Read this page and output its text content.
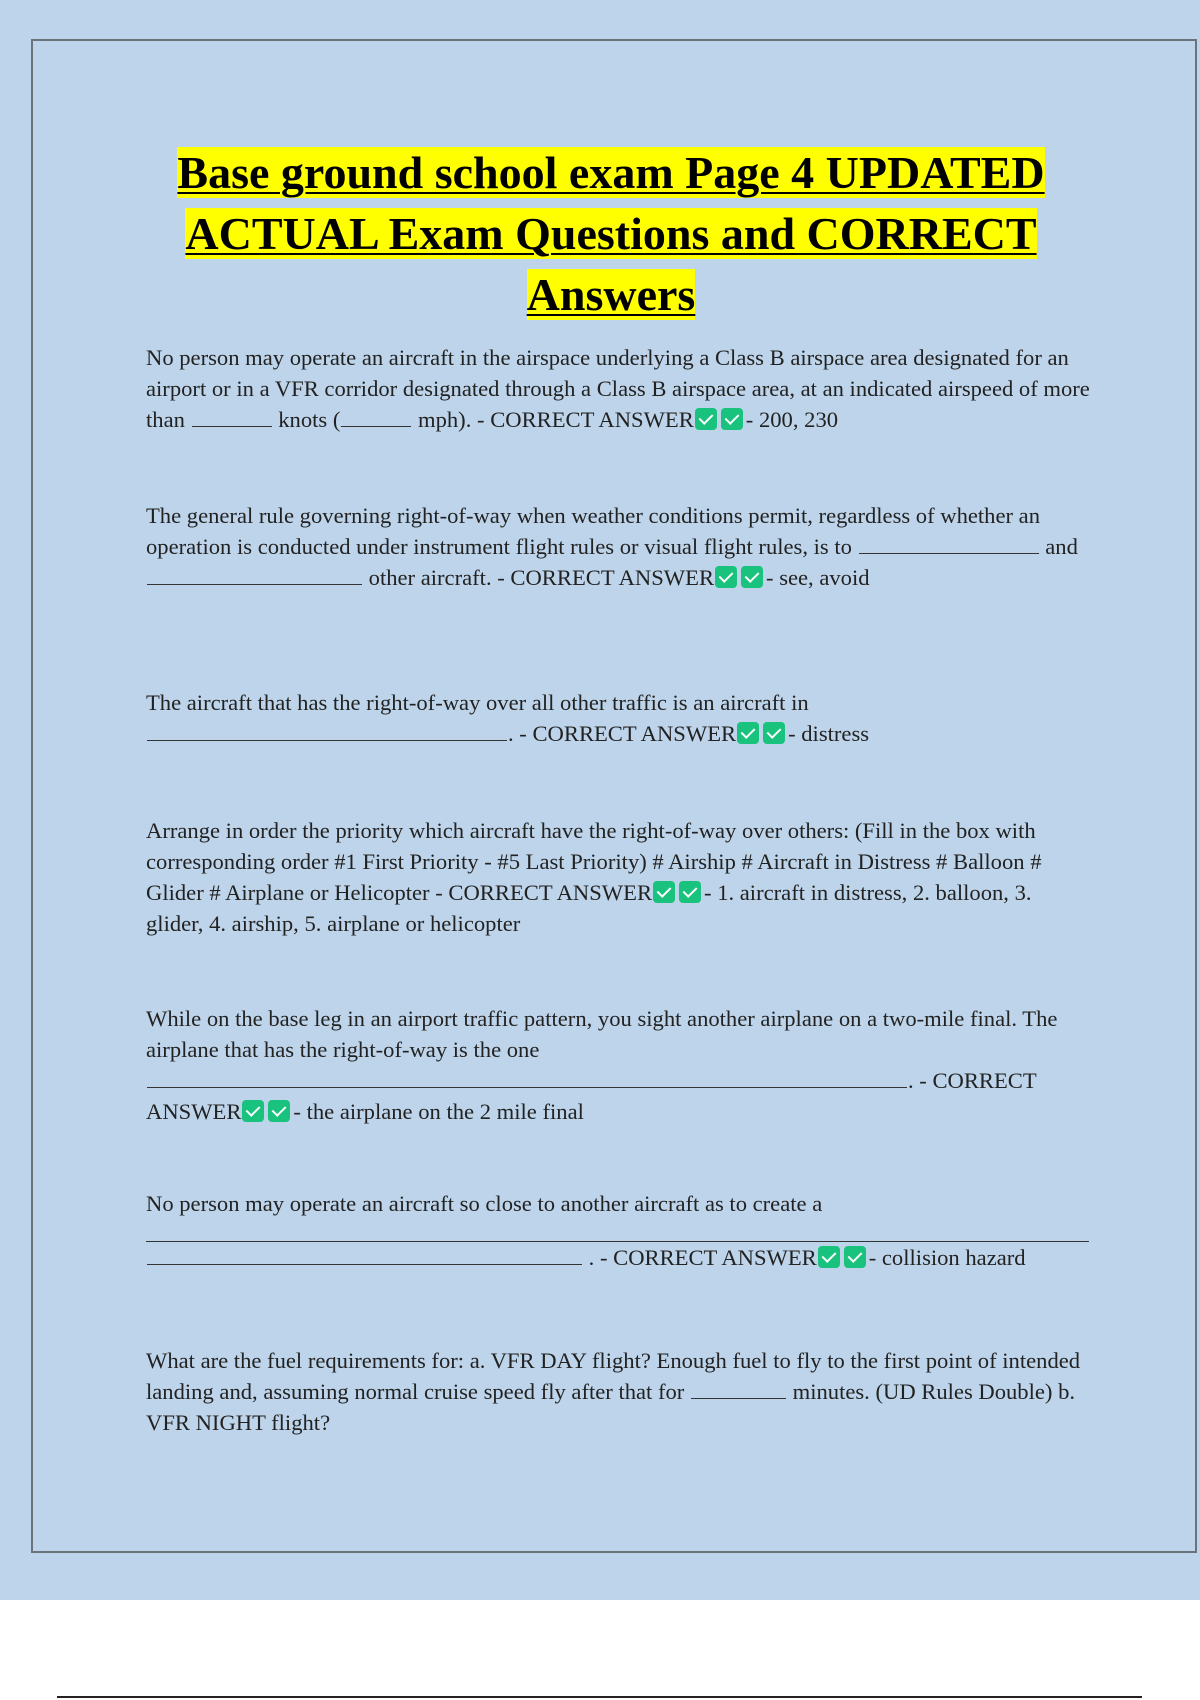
Base ground school exam Page 4 UPDATED ACTUAL Exam Questions and CORRECT Answers
No person may operate an aircraft in the airspace underlying a Class B airspace area designated for an airport or in a VFR corridor designated through a Class B airspace area, at an indicated airspeed of more than	knots (	mph). - CORRECT ANSWER - 200, 230
The general rule governing right-of-way when weather conditions permit, regardless of whether an operation is conducted under instrument flight rules or visual flight rules, is to	and  other aircraft. - CORRECT ANSWER - see, avoid
The aircraft that has the right-of-way over all other traffic is an aircraft in
. - CORRECT ANSWER - distress
Arrange in order the priority which aircraft have the right-of-way over others: (Fill in the box with corresponding order #1 First Priority - #5 Last Priority) # Airship # Aircraft in Distress # Balloon # Glider # Airplane or Helicopter - CORRECT ANSWER - 1. aircraft in distress, 2. balloon, 3. glider, 4. airship, 5. airplane or helicopter
While on the base leg in an airport traffic pattern, you sight another airplane on a two-mile final. The airplane that has the right-of-way is the one
. - CORRECT
ANSWER - the airplane on the 2 mile final
No person may operate an aircraft so close to another aircraft as to create a
. - CORRECT ANSWER - collision hazard
What are the fuel requirements for: a. VFR DAY flight? Enough fuel to fly to the first point of intended landing and, assuming normal cruise speed fly after that for	minutes. (UD Rules Double) b. VFR NIGHT flight?
